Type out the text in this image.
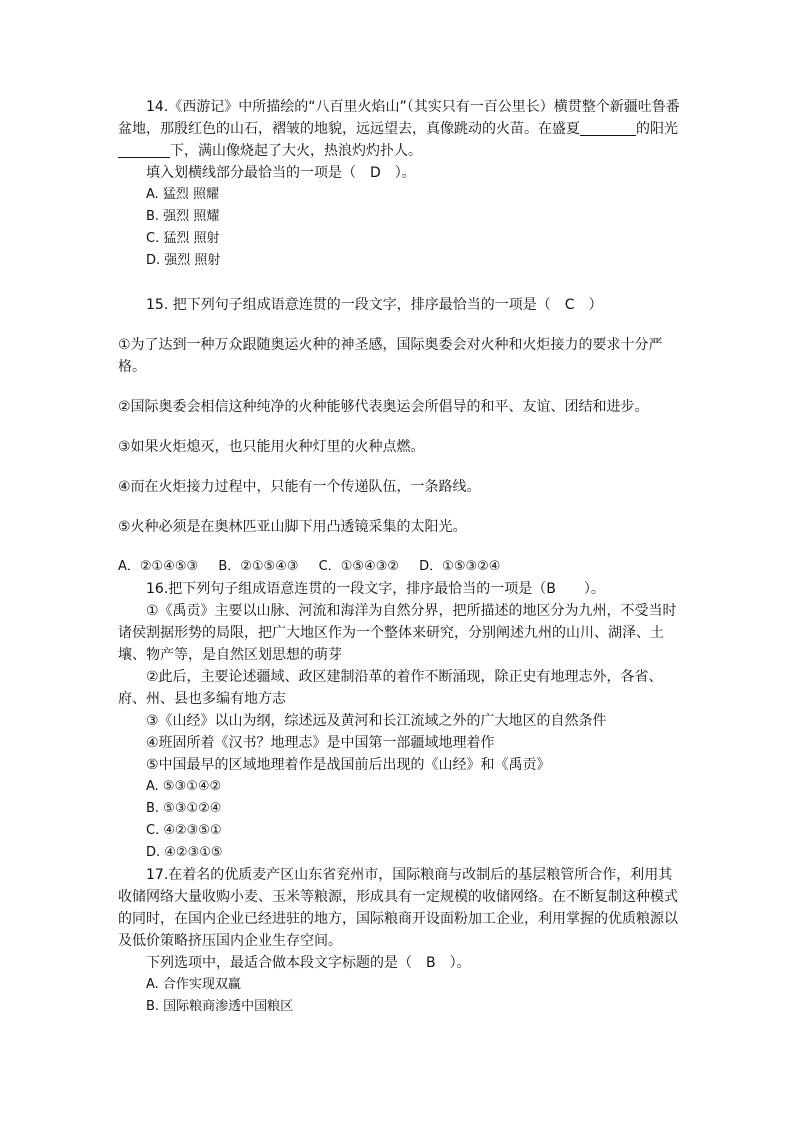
14.《西游记》中所描绘的“八百里火焰山”（其实只有一百公里长）横贯整个新疆吐鲁番盆地，那殷红色的山石，褶皱的地貌，远远望去，真像跳动的火苗。在盛夏	的阳光下，满山像烧起了大火，热浪灼灼扑人。

填入划横线部分最恰当的一项是（　D　）。

A. 猛烈 照耀

B. 强烈 照耀

C. 猛烈 照射

D. 强烈 照射

15. 把下列句子组成语意连贯的一段文字，排序最恰当的一项是（　C　）

①为了达到一种万众跟随奥运火种的神圣感，国际奥委会对火种和火炬接力的要求十分严格。

②国际奥委会相信这种纯净的火种能够代表奥运会所倡导的和平、友谊、团结和进步。

③如果火炬熄灭，也只能用火种灯里的火种点燃。

④而在火炬接力过程中，只能有一个传递队伍，一条路线。

⑤火种必须是在奥林匹亚山脚下用凸透镜采集的太阳光。

A．②①④⑤③ B．②①⑤④③ C．①⑤④③② D．①⑤③②④

16.把下列句子组成语意连贯的一段文字，排序最恰当的一项是（B　　）。

①《禹贡》主要以山脉、河流和海洋为自然分界，把所描述的地区分为九州，不受当时诸侯割据形势的局限，把广大地区作为一个整体来研究，分别阐述九州的山川、湖泽、土壤、物产等，是自然区划思想的萌芽

②此后，主要论述疆域、政区建制沿革的着作不断涌现，除正史有地理志外，各省、府、州、县也多编有地方志

③《山经》以山为纲，综述远及黄河和长江流域之外的广大地区的自然条件

④班固所着《汉书？地理志》是中国第一部疆域地理着作

⑤中国最早的区域地理着作是战国前后出现的《山经》和《禹贡》

A. ⑤③①④②

B. ⑤③①②④

C. ④②③⑤①

D. ④②③①⑤

17.在着名的优质麦产区山东省兖州市，国际粮商与改制后的基层粮管所合作，利用其收储网络大量收购小麦、玉米等粮源，形成具有一定规模的收储网络。在不断复制这种模式的同时，在国内企业已经进驻的地方，国际粮商开设面粉加工企业，利用掌握的优质粮源以及低价策略挤压国内企业生存空间。

下列选项中，最适合做本段文字标题的是（　B　）。

A. 合作实现双赢

B. 国际粮商渗透中国粮区
